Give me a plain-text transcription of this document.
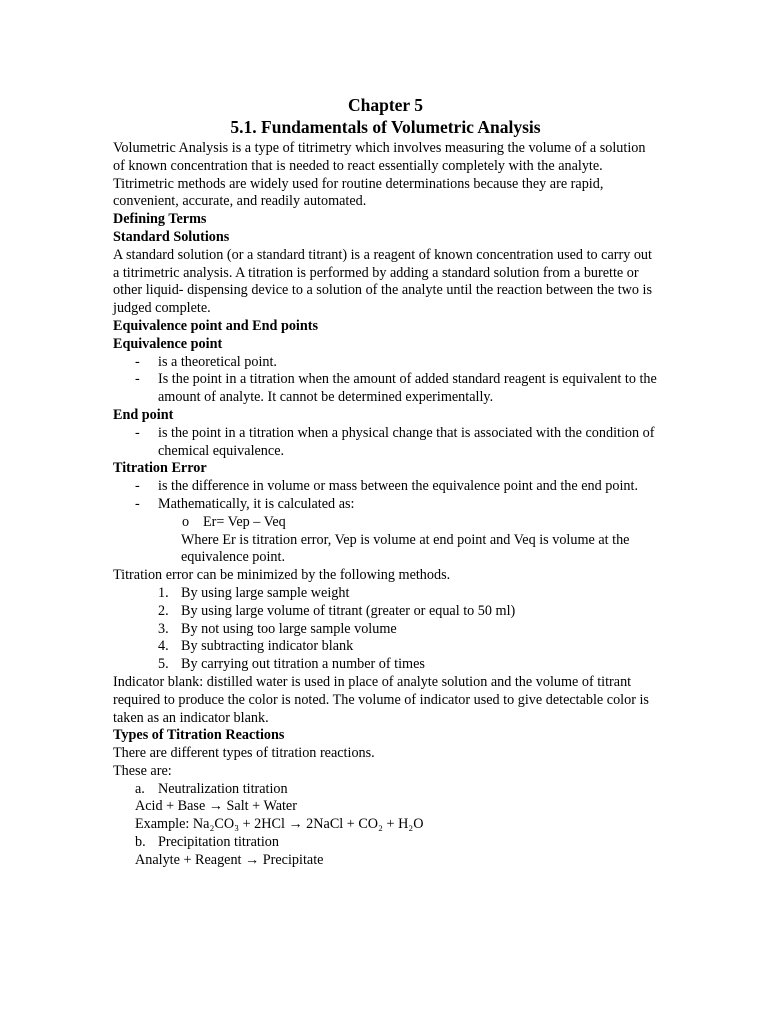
Chapter 5
5.1. Fundamentals of Volumetric Analysis

Volumetric Analysis is a type of titrimetry which involves measuring the volume of a solution of known concentration that is needed to react essentially completely with the analyte.

Titrimetric methods are widely used for routine determinations because they are rapid, convenient, accurate, and readily automated.

Defining Terms

Standard Solutions

A standard solution (or a standard titrant) is a reagent of known concentration used to carry out a titrimetric analysis. A titration is performed by adding a standard solution from a burette or other liquid- dispensing device to a solution of the analyte until the reaction between the two is judged complete.

Equivalence point and End points

Equivalence point

- is a theoretical point.
- Is the point in a titration when the amount of added standard reagent is equivalent to the amount of analyte. It cannot be determined experimentally.

End point

- is the point in a titration when a physical change that is associated with the condition of chemical equivalence.

Titration Error

- is the difference in volume or mass between the equivalence point and the end point.
- Mathematically, it is calculated as:
o Er= Vep – Veq

Where Er is titration error, Vep is volume at end point and Veq is volume at the equivalence point.

Titration error can be minimized by the following methods.

1. By using large sample weight
2. By using large volume of titrant (greater or equal to 50 ml)
3. By not using too large sample volume
4. By subtracting indicator blank
5. By carrying out titration a number of times

Indicator blank: distilled water is used in place of analyte solution and the volume of titrant required to produce the color is noted. The volume of indicator used to give detectable color is taken as an indicator blank.

Types of Titration Reactions

There are different types of titration reactions.

These are:

a. Neutralization titration

Acid + Base → Salt + Water

Example: Na₂CO₃ + 2HCl → 2NaCl + CO₂ + H₂O

b. Precipitation titration

Analyte + Reagent → Precipitate
